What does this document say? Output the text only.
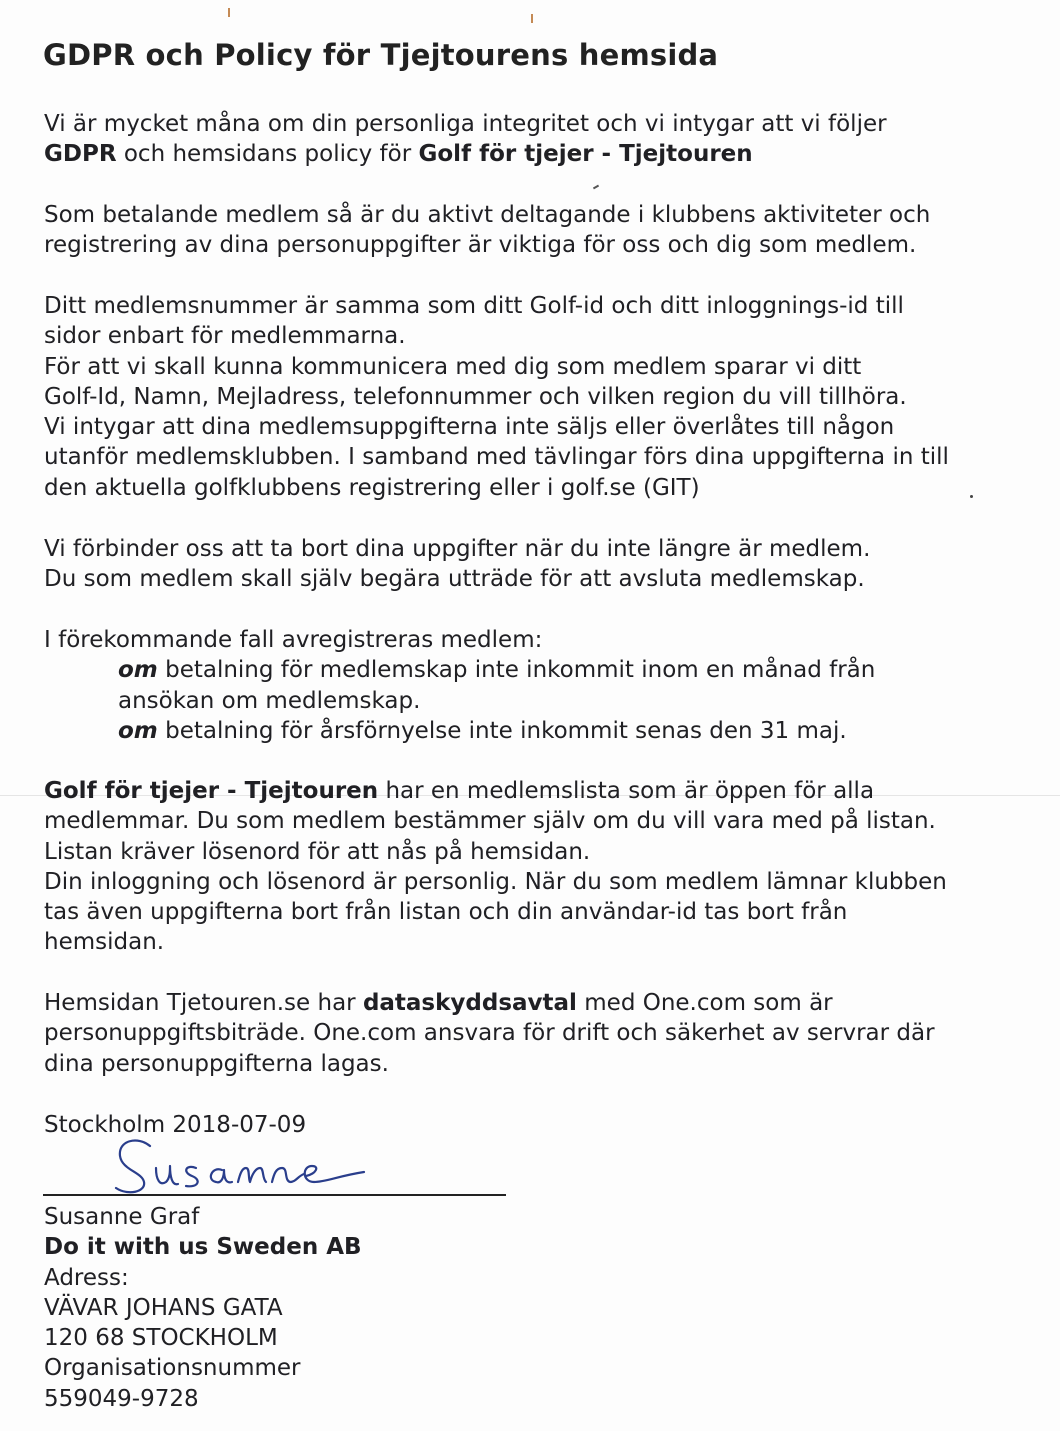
GDPR och Policy för Tjejtourens hemsida
Vi är mycket måna om din personliga integritet och vi intygar att vi följer
GDPR och hemsidans policy för Golf för tjejer - Tjejtouren
Som betalande medlem så är du aktivt deltagande i klubbens aktiviteter och
registrering av dina personuppgifter är viktiga för oss och dig som medlem.
Ditt medlemsnummer är samma som ditt Golf-id och ditt inloggnings-id till
sidor enbart för medlemmarna.
För att vi skall kunna kommunicera med dig som medlem sparar vi ditt
Golf-Id, Namn, Mejladress, telefonnummer och vilken region du vill tillhöra.
Vi intygar att dina medlemsuppgifterna inte säljs eller överlåtes till någon
utanför medlemsklubben. I samband med tävlingar förs dina uppgifterna in till
den aktuella golfklubbens registrering eller i golf.se (GIT)
Vi förbinder oss att ta bort dina uppgifter när du inte längre är medlem.
Du som medlem skall själv begära utträde för att avsluta medlemskap.
I förekommande fall avregistreras medlem:
om betalning för medlemskap inte inkommit inom en månad från
ansökan om medlemskap.
om betalning för årsförnyelse inte inkommit senas den 31 maj.
Golf för tjejer - Tjejtouren har en medlemslista som är öppen för alla
medlemmar. Du som medlem bestämmer själv om du vill vara med på listan.
Listan kräver lösenord för att nås på hemsidan.
Din inloggning och lösenord är personlig. När du som medlem lämnar klubben
tas även uppgifterna bort från listan och din användar-id tas bort från
hemsidan.
Hemsidan Tjetouren.se har dataskyddsavtal med One.com som är
personuppgiftsbiträde. One.com ansvara för drift och säkerhet av servrar där
dina personuppgifterna lagas.
Stockholm 2018-07-09
Susanne Graf
Do it with us Sweden AB
Adress:
VÄVAR JOHANS GATA
120 68 STOCKHOLM
Organisationsnummer
559049-9728
